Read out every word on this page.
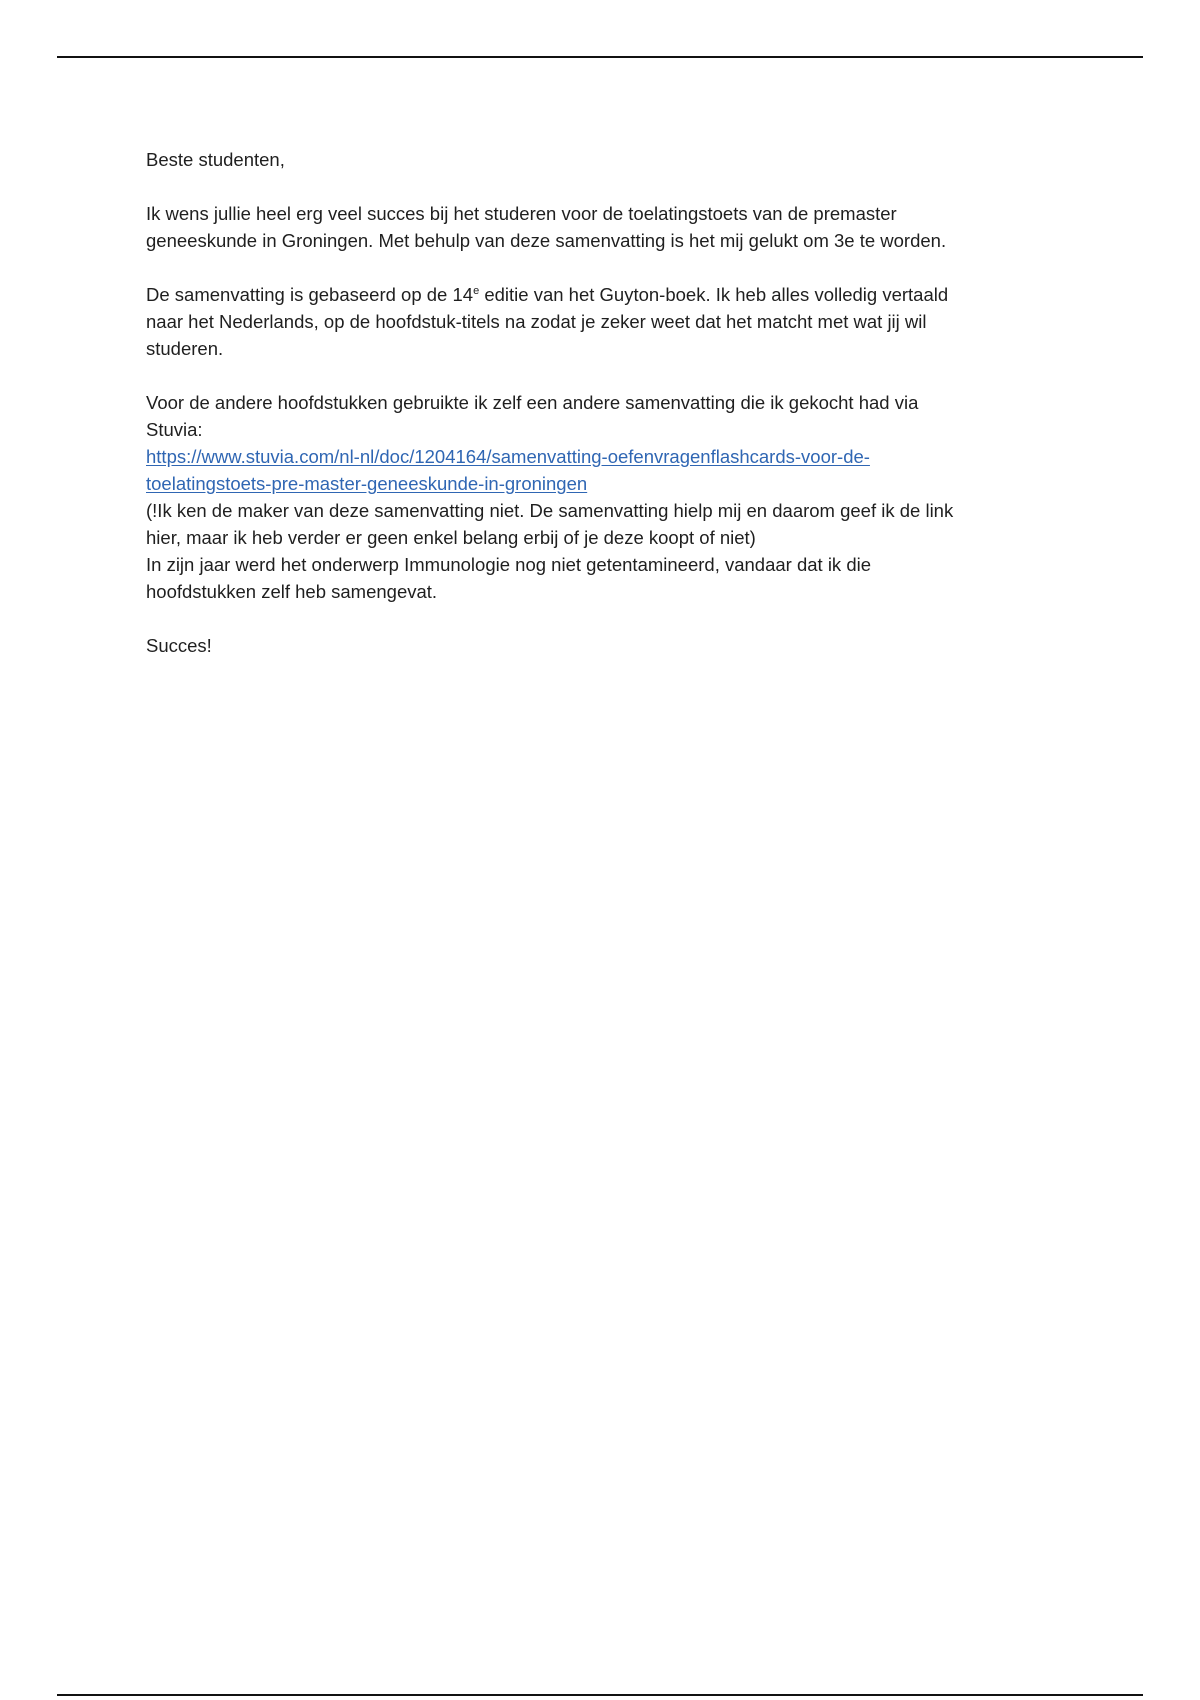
Beste studenten,

Ik wens jullie heel erg veel succes bij het studeren voor de toelatingstoets van de premaster
geneeskunde in Groningen. Met behulp van deze samenvatting is het mij gelukt om 3e te worden.

De samenvatting is gebaseerd op de 14e editie van het Guyton-boek. Ik heb alles volledig vertaald
naar het Nederlands, op de hoofdstuk-titels na zodat je zeker weet dat het matcht met wat jij wil
studeren.

Voor de andere hoofdstukken gebruikte ik zelf een andere samenvatting die ik gekocht had via
Stuvia:
https://www.stuvia.com/nl-nl/doc/1204164/samenvatting-oefenvragenflashcards-voor-de-
toelatingstoets-pre-master-geneeskunde-in-groningen
(!Ik ken de maker van deze samenvatting niet. De samenvatting hielp mij en daarom geef ik de link
hier, maar ik heb verder er geen enkel belang erbij of je deze koopt of niet)
In zijn jaar werd het onderwerp Immunologie nog niet getentamineerd, vandaar dat ik die
hoofdstukken zelf heb samengevat.

Succes!
